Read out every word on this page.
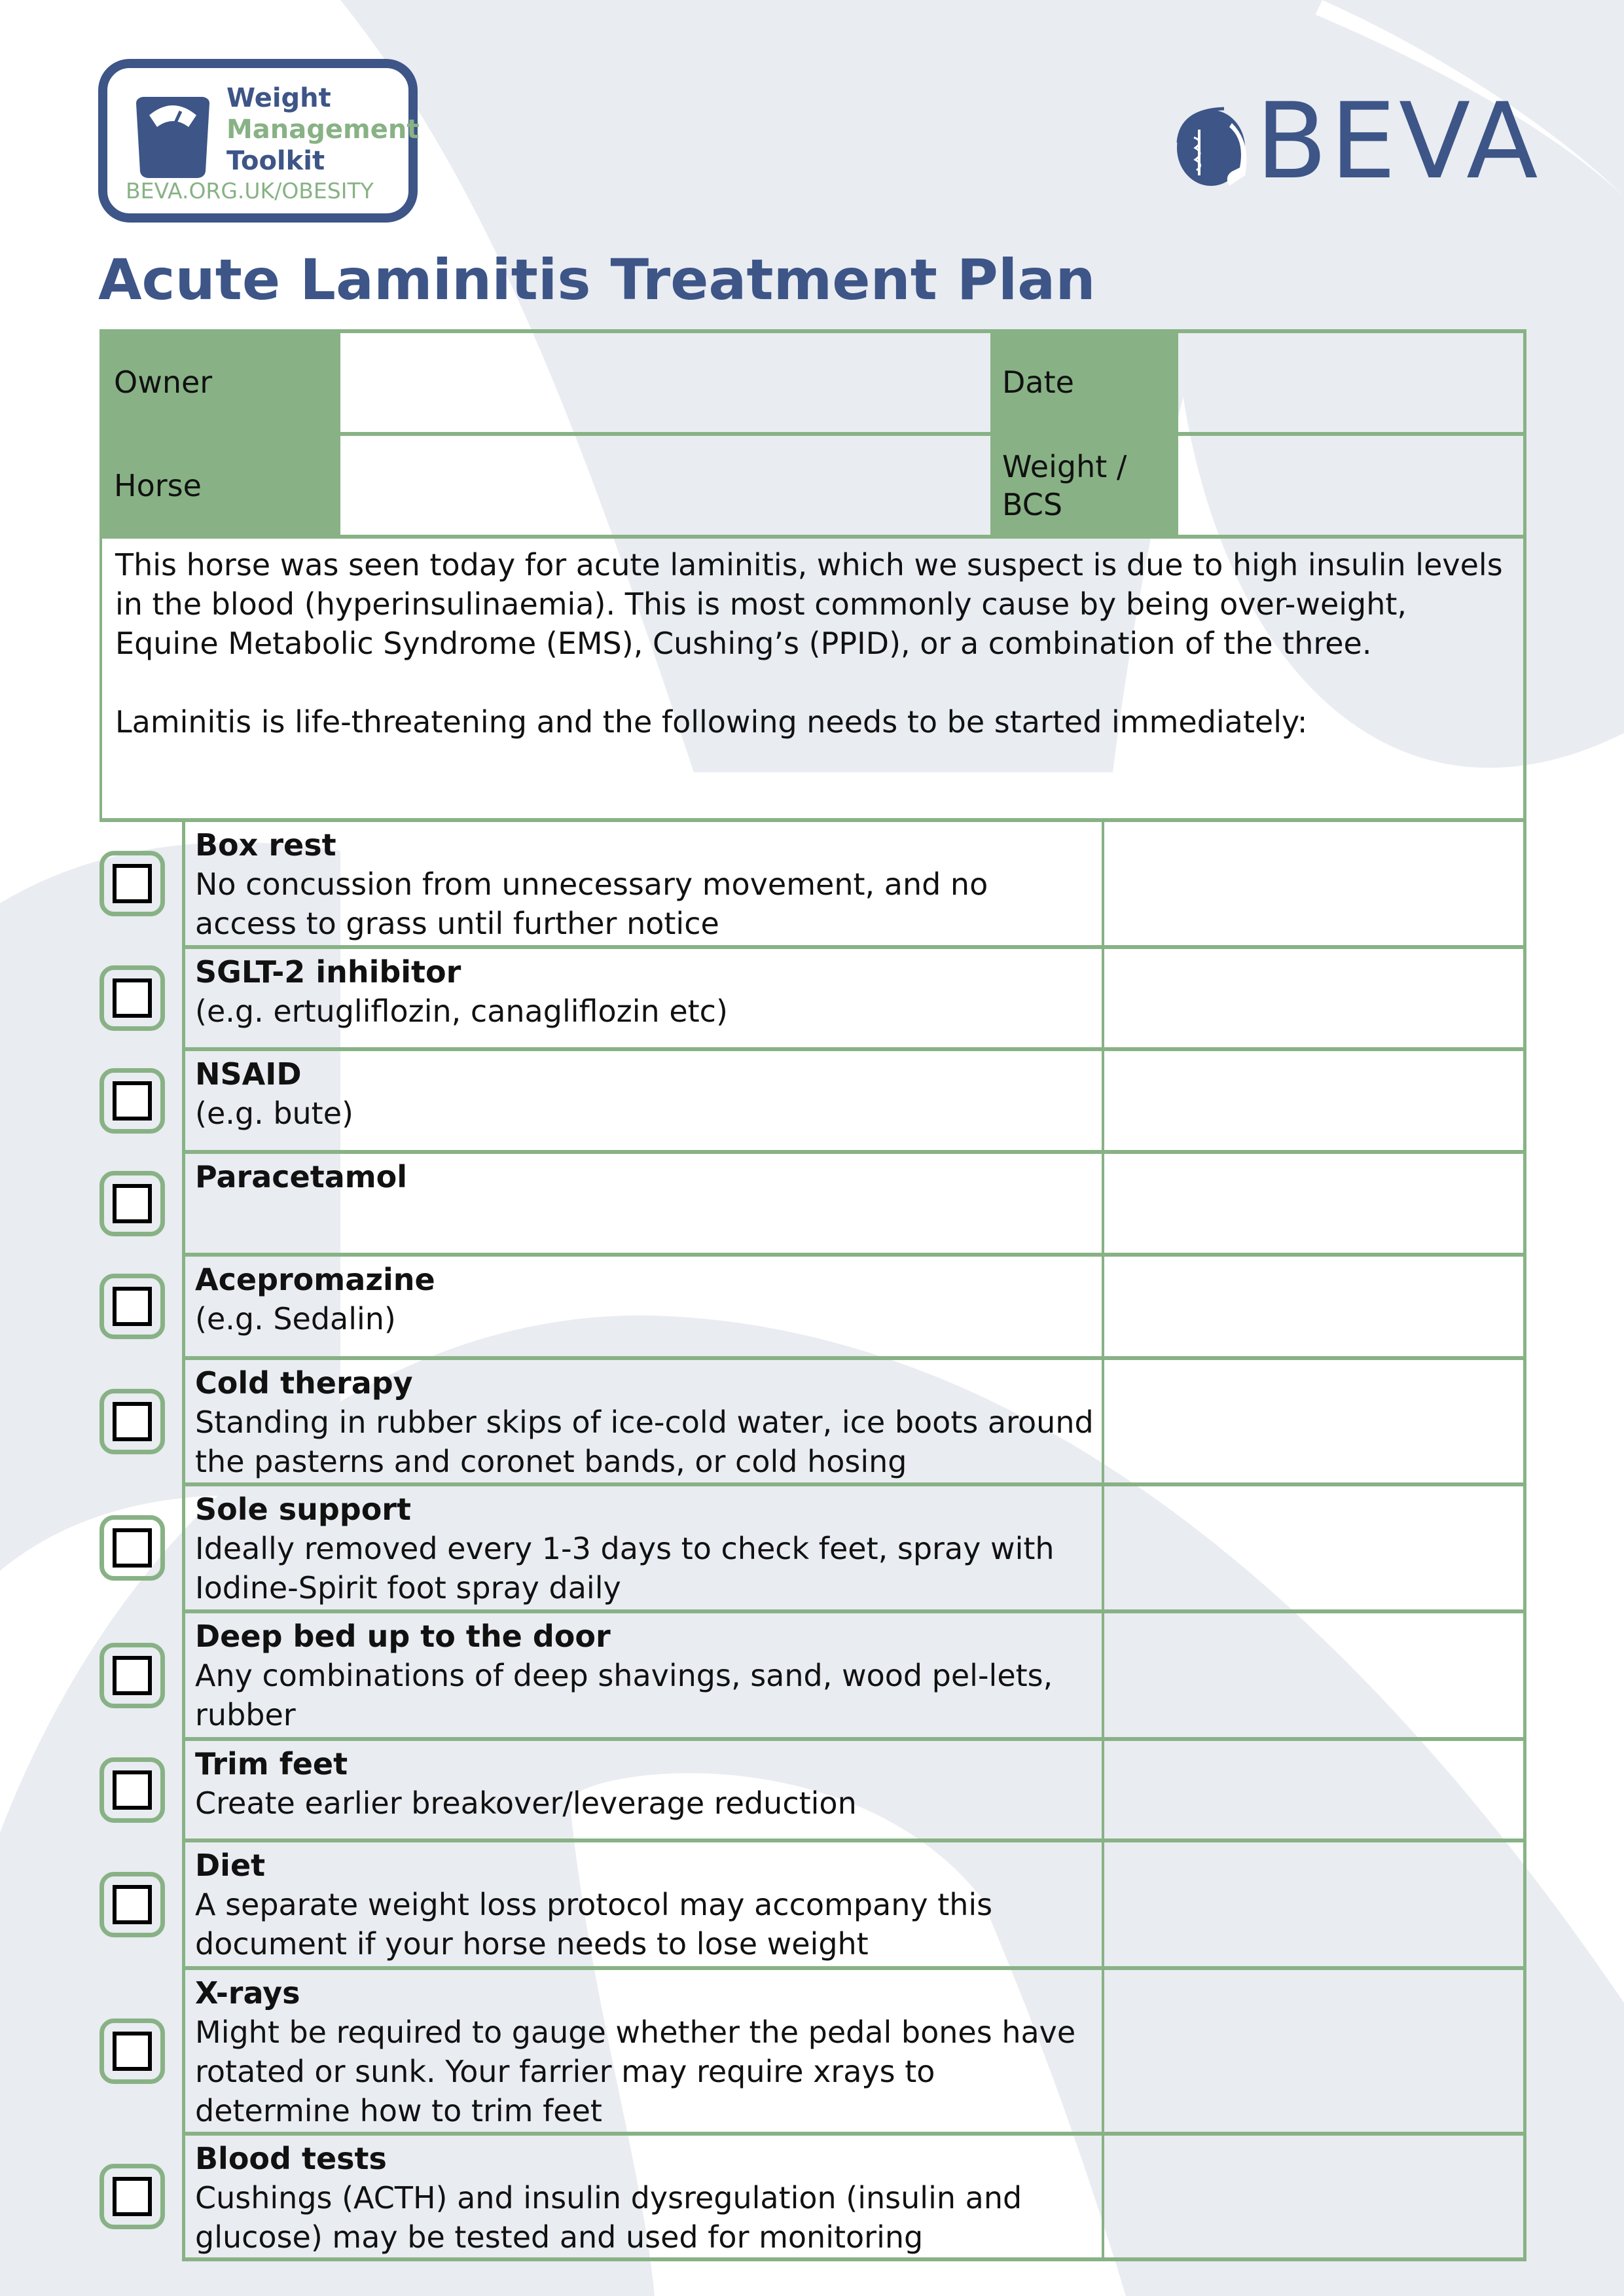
Weight
Management
Toolkit
BEVA.ORG.UK/OBESITY	BEVA
Acute Laminitis Treatment Plan
Owner
Horse
Date
Weight / BCS

This horse was seen today for acute laminitis, which we suspect is due to high insulin levels in the blood (hyperinsulinaemia). This is most commonly cause by being over-weight, Equine Metabolic Syndrome (EMS), Cushing’s (PPID), or a combination of the three.

Laminitis is life-threatening and the following needs to be started immediately:

Box rest
No concussion from unnecessary movement, and no access to grass until further notice
SGLT-2 inhibitor
(e.g. ertugliflozin, canagliflozin etc)
NSAID
(e.g. bute)
Paracetamol
Acepromazine
(e.g. Sedalin)
Cold therapy
Standing in rubber skips of ice-cold water, ice boots around the pasterns and coronet bands, or cold hosing
Sole support
Ideally removed every 1-3 days to check feet, spray with Iodine-Spirit foot spray daily
Deep bed up to the door
Any combinations of deep shavings, sand, wood pel-lets, rubber
Trim feet
Create earlier breakover/leverage reduction
Diet
A separate weight loss protocol may accompany this document if your horse needs to lose weight
X-rays
Might be required to gauge whether the pedal bones have rotated or sunk. Your farrier may require xrays to determine how to trim feet
Blood tests
Cushings (ACTH) and insulin dysregulation (insulin and glucose) may be tested and used for monitoring
